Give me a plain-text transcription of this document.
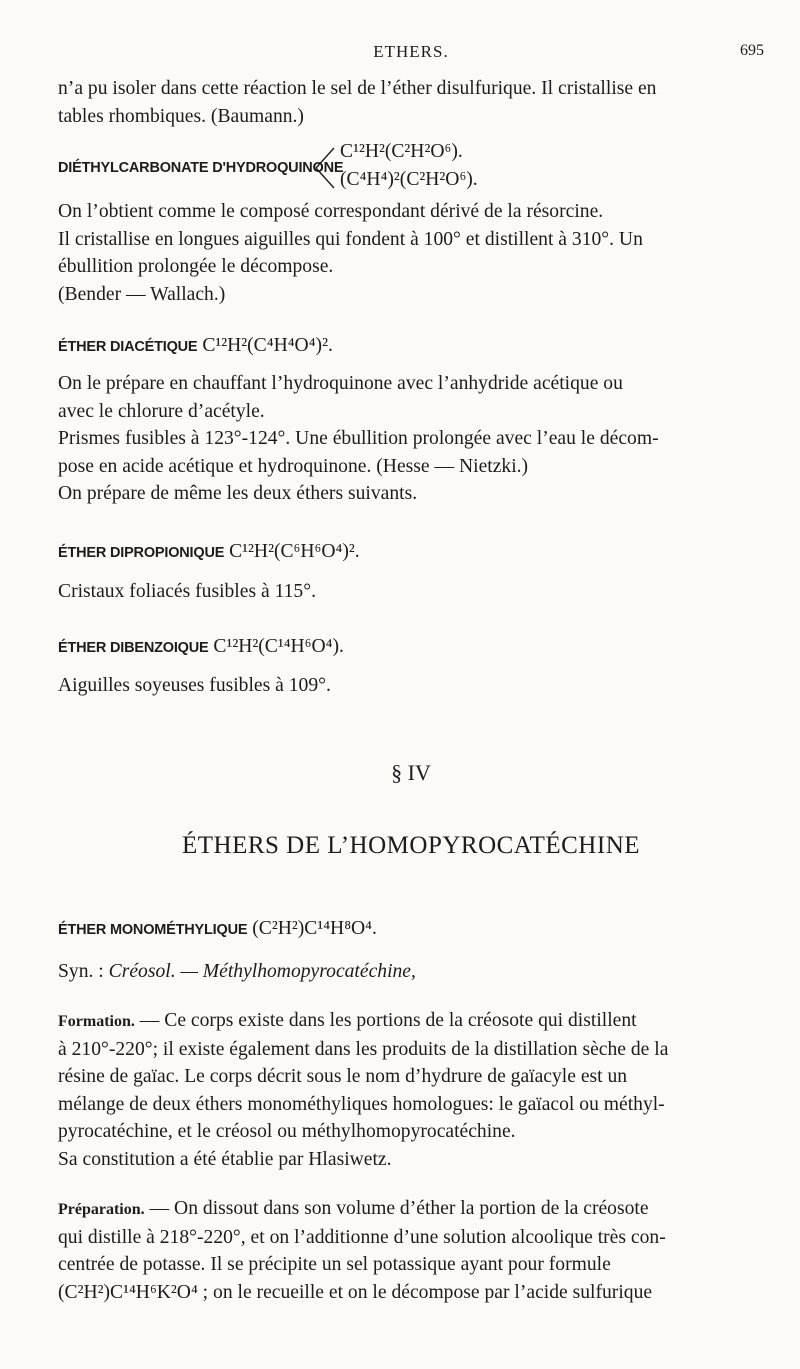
ETHERS.	695
n’a pu isoler dans cette réaction le sel de l’éther disulfurique. Il cristallise en
tables rhombiques. (Baumann.)
DIÉTHYLCARBONATE D'HYDROQUINONE
C¹²H²(C²H²O⁶).
(C⁴H⁴)²(C²H²O⁶).
On l’obtient comme le composé correspondant dérivé de la résorcine.
Il cristallise en longues aiguilles qui fondent à 100° et distillent à 310°. Un
ébullition prolongée le décompose.
(Bender — Wallach.)
ÉTHER DIACÉTIQUE C¹²H²(C⁴H⁴O⁴)².
On le prépare en chauffant l’hydroquinone avec l’anhydride acétique ou
avec le chlorure d’acétyle.
Prismes fusibles à 123°-124°. Une ébullition prolongée avec l’eau le décom-
pose en acide acétique et hydroquinone. (Hesse — Nietzki.)
On prépare de même les deux éthers suivants.
ÉTHER DIPROPIONIQUE C¹²H²(C⁶H⁶O⁴)².
Cristaux foliacés fusibles à 115°.
ÉTHER DIBENZOIQUE C¹²H²(C¹⁴H⁶O⁴).
Aiguilles soyeuses fusibles à 109°.
§ IV
ÉTHERS DE L’HOMOPYROCATÉCHINE
ÉTHER MONOMÉTHYLIQUE (C²H²)C¹⁴H⁸O⁴.
Syn. : Créosol. — Méthylhomopyrocatéchine,
Formation. — Ce corps existe dans les portions de la créosote qui distillent
à 210°-220°; il existe également dans les produits de la distillation sèche de la
résine de gaïac. Le corps décrit sous le nom d’hydrure de gaïacyle est un
mélange de deux éthers monométhyliques homologues: le gaïacol ou méthyl-
pyrocatéchine, et le créosol ou méthylhomopyrocatéchine.
Sa constitution a été établie par Hlasiwetz.
Préparation. — On dissout dans son volume d’éther la portion de la créosote
qui distille à 218°-220°, et on l’additionne d’une solution alcoolique très con-
centrée de potasse. Il se précipite un sel potassique ayant pour formule
(C²H²)C¹⁴H⁶K²O⁴ ; on le recueille et on le décompose par l’acide sulfurique
